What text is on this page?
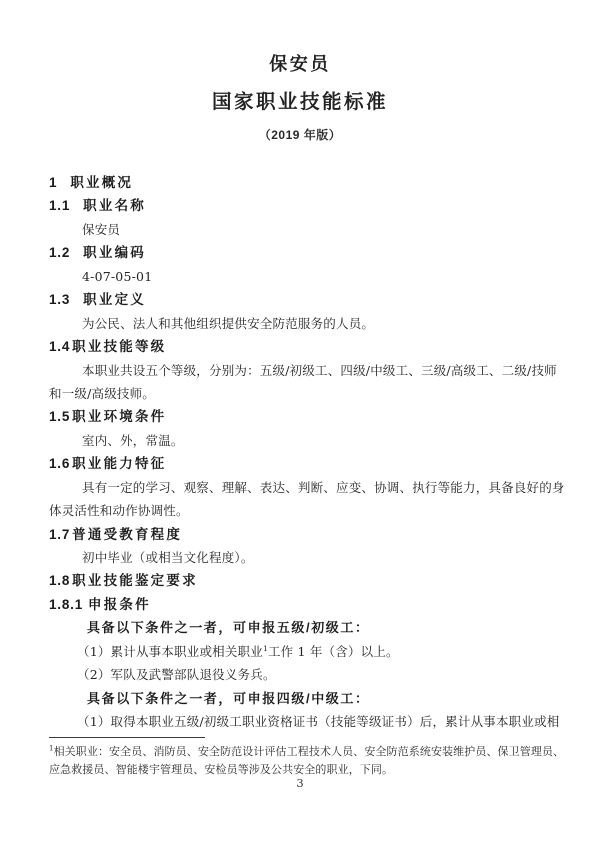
保安员
国家职业技能标准
（2019 年版）
1 职业概况
1.1 职业名称
保安员
1.2 职业编码
4-07-05-01
1.3 职业定义
为公民、法人和其他组织提供安全防范服务的人员。
1.4 职业技能等级
本职业共设五个等级，分别为：五级/初级工、四级/中级工、三级/高级工、二级/技师
和一级/高级技师。
1.5 职业环境条件
室内、外，常温。
1.6 职业能力特征
具有一定的学习、观察、理解、表达、判断、应变、协调、执行等能力，具备良好的身
体灵活性和动作协调性。
1.7 普通受教育程度
初中毕业（或相当文化程度）。
1.8 职业技能鉴定要求
1.8.1 申报条件
具备以下条件之一者，可申报五级/初级工：
（1）累计从事本职业或相关职业$^1$工作 1 年（含）以上。
（2）军队及武警部队退役义务兵。
具备以下条件之一者，可申报四级/中级工：
（1）取得本职业五级/初级工职业资格证书（技能等级证书）后，累计从事本职业或相
$^1$相关职业：安全员、消防员、安全防范设计评估工程技术人员、安全防范系统安装维护员、保卫管理员、
应急救援员、智能楼宇管理员、安检员等涉及公共安全的职业，下同。
3
